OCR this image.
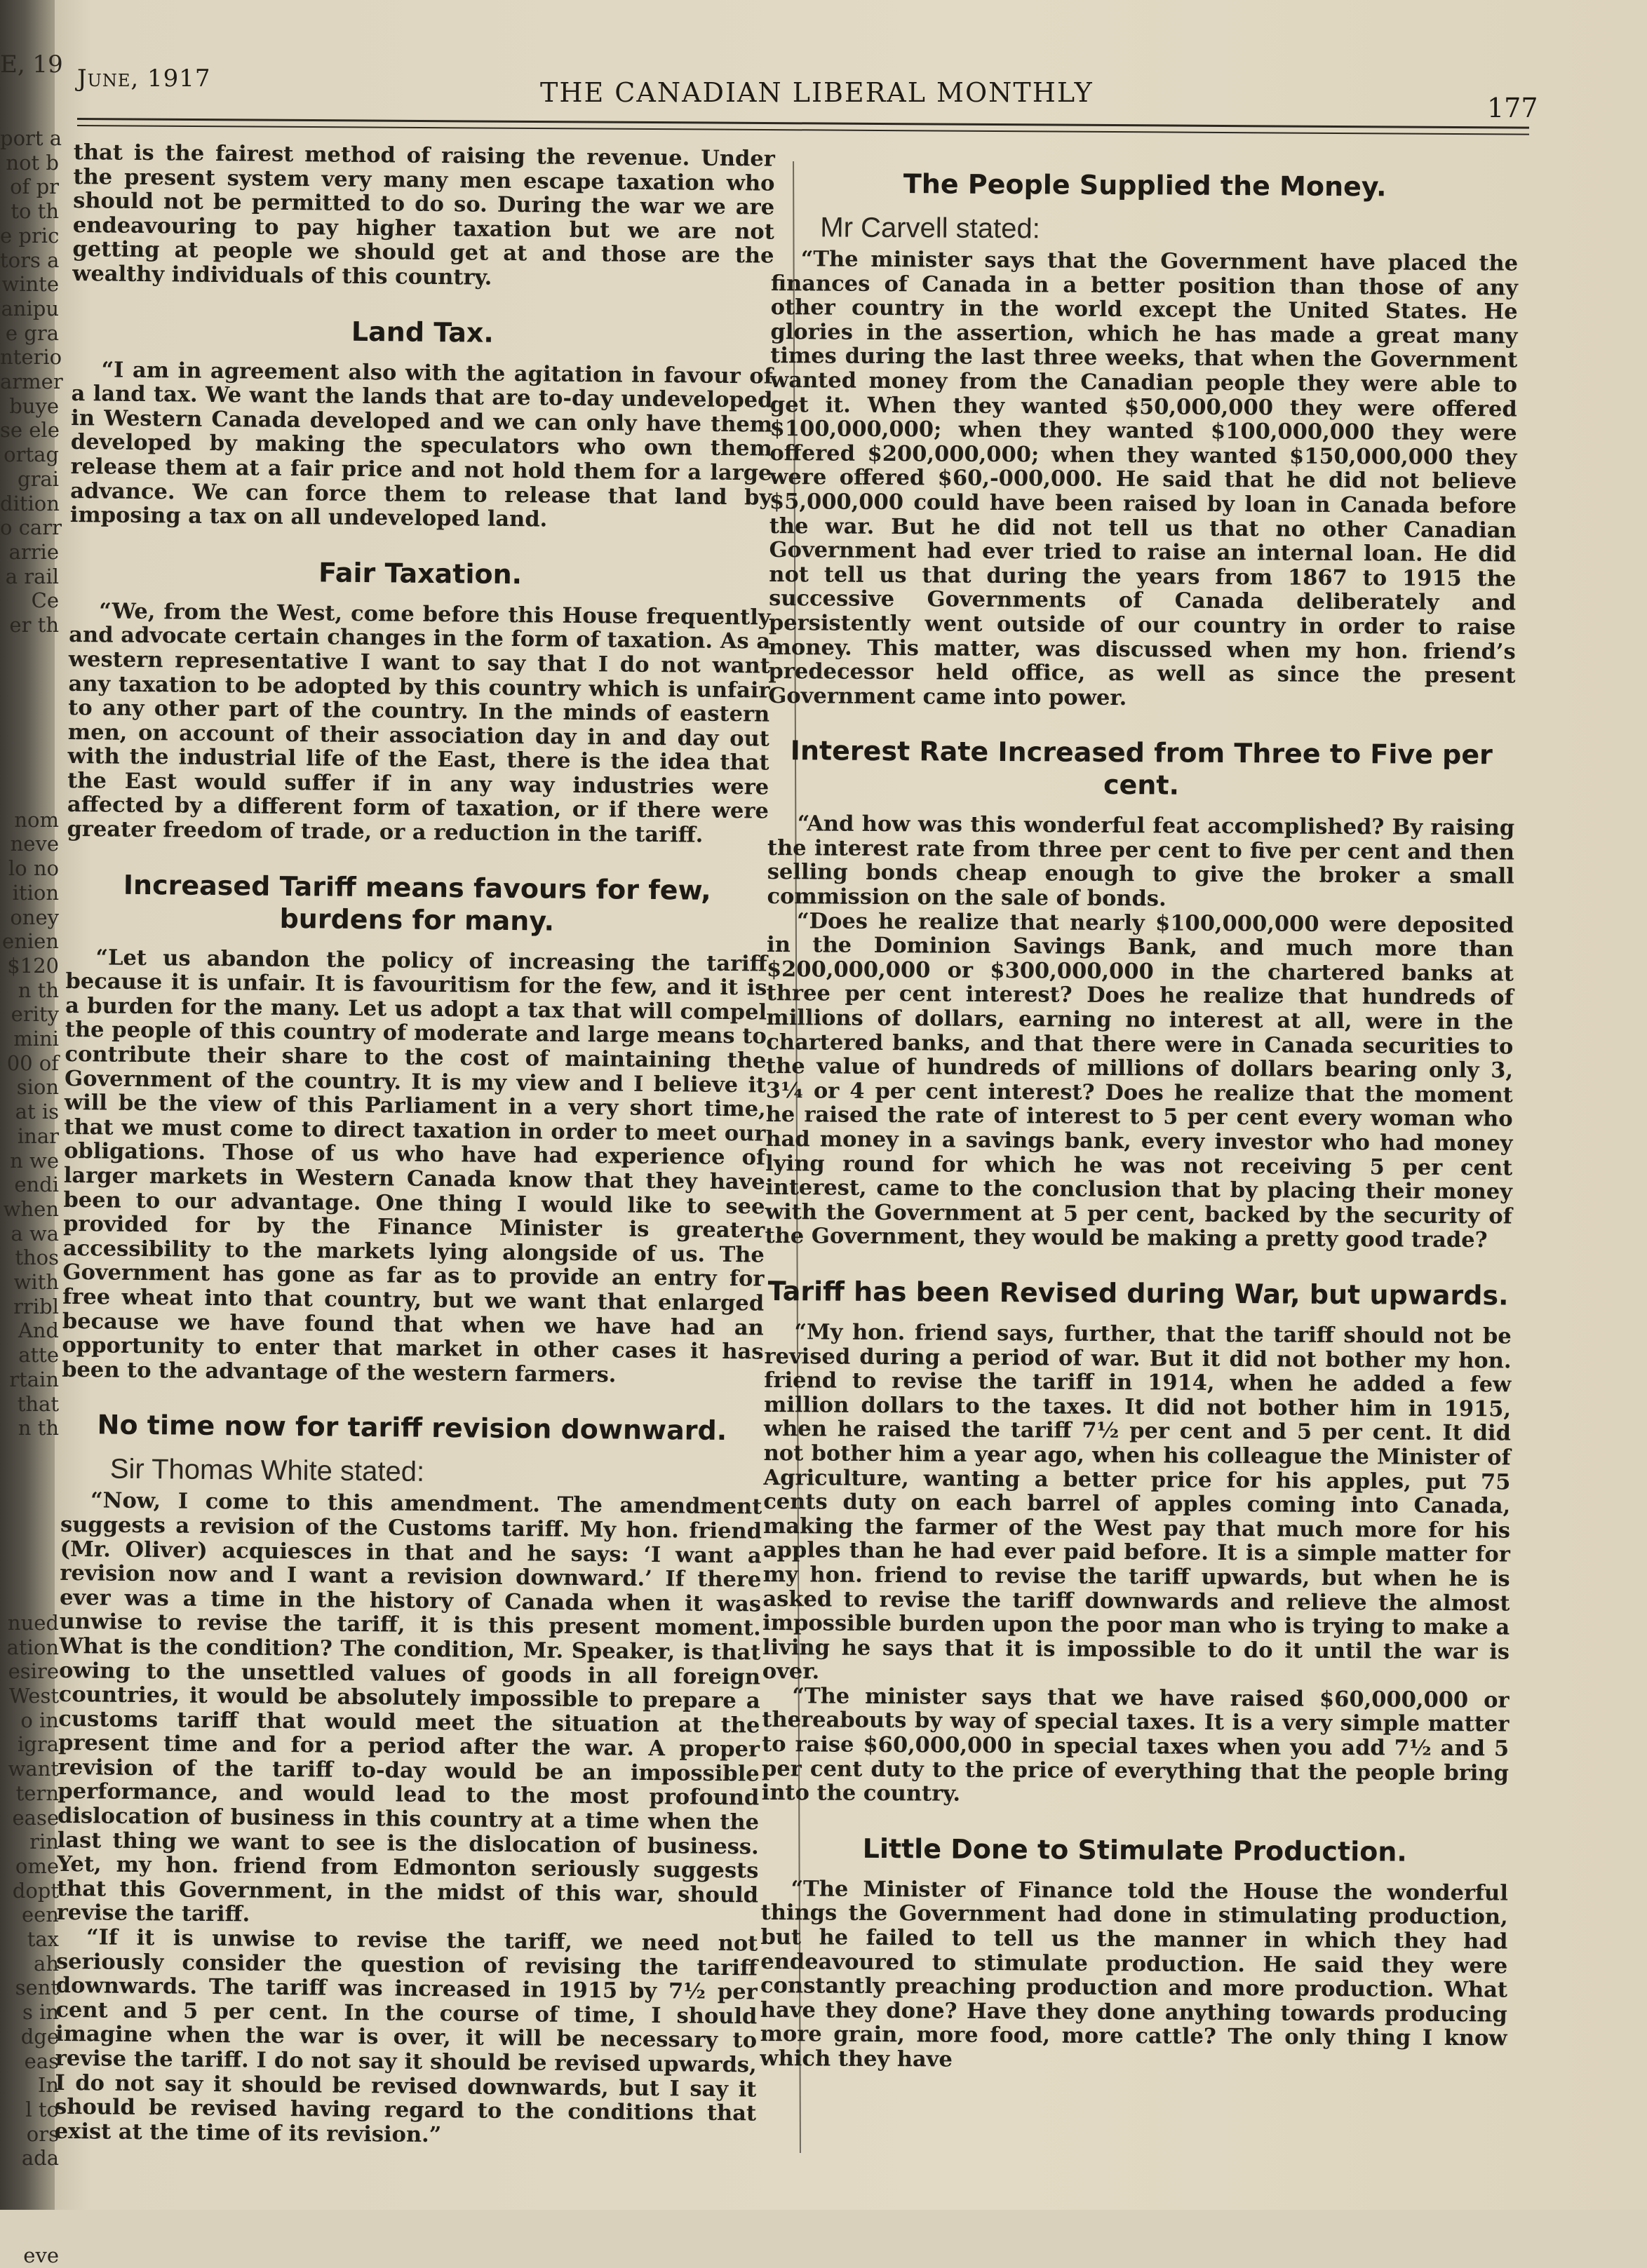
port a
not b
of pr
to th
e pric
tors a
winte
anipu
e gra
nterio
armer
buye
se ele
ortag
grai
dition
o carr
arrie
a rail
Ce
er th

nom
neve
lo no
ition
oney
enien
$120
n th
erity
mini
00 of
sion
at is
inar
n we
endi
when
a wa
thos
with
rribl
And
atte
rtain
that
n th

nued
ation
esire
West
o in
igra
want
tern
ease
rin
ome
dopt
een
tax
ah
sent
s in
dge
eas
In
l to
ors
ada

eve
E, 19 June, 1917	THE CANADIAN LIBERAL MONTHLY	177

that is the fairest method of raising the revenue. Under the present system very many men escape taxation who should not be permitted to do so. During the war we are endeavouring to pay higher taxation but we are not getting at people we should get at and those are the wealthy individuals of this country.

Land Tax.

“I am in agreement also with the agitation in favour of a land tax. We want the lands that are to-day undeveloped in Western Canada developed and we can only have them developed by making the speculators who own them release them at a fair price and not hold them for a large advance. We can force them to release that land by imposing a tax on all undeveloped land.

Fair Taxation.

“We, from the West, come before this House frequently and advocate certain changes in the form of taxation. As a western representative I want to say that I do not want any taxation to be adopted by this country which is unfair to any other part of the country. In the minds of eastern men, on account of their association day in and day out with the industrial life of the East, there is the idea that the East would suffer if in any way industries were affected by a different form of taxation, or if there were greater freedom of trade, or a reduction in the tariff.

Increased Tariff means favours for few, burdens for many.

“Let us abandon the policy of increasing the tariff because it is unfair. It is favouritism for the few, and it is a burden for the many. Let us adopt a tax that will compel the people of this country of moderate and large means to contribute their share to the cost of maintaining the Government of the country. It is my view and I believe it will be the view of this Parliament in a very short time, that we must come to direct taxation in order to meet our obligations. Those of us who have had experience of larger markets in Western Canada know that they have been to our advantage. One thing I would like to see provided for by the Finance Minister is greater accessibility to the markets lying alongside of us. The Government has gone as far as to provide an entry for free wheat into that country, but we want that enlarged because we have found that when we have had an opportunity to enter that market in other cases it has been to the advantage of the western farmers.

No time now for tariff revision downward.
Sir Thomas White stated:

“Now, I come to this amendment. The amendment suggests a revision of the Customs tariff. My hon. friend (Mr. Oliver) acquiesces in that and he says: ‘I want a revision now and I want a revision downward.’ If there ever was a time in the history of Canada when it was unwise to revise the tariff, it is this present moment. What is the condition? The condition, Mr. Speaker, is that owing to the unsettled values of goods in all foreign countries, it would be absolutely impossible to prepare a customs tariff that would meet the situation at the present time and for a period after the war. A proper revision of the tariff to-day would be an impossible performance, and would lead to the most profound dislocation of business in this country at a time when the last thing we want to see is the dislocation of business. Yet, my hon. friend from Edmonton seriously suggests that this Government, in the midst of this war, should revise the tariff.

“If it is unwise to revise the tariff, we need not seriously consider the question of revising the tariff downwards. The tariff was increased in 1915 by 7½ per cent and 5 per cent. In the course of time, I should imagine when the war is over, it will be necessary to revise the tariff. I do not say it should be revised upwards, I do not say it should be revised downwards, but I say it should be revised having regard to the conditions that exist at the time of its revision.”

The People Supplied the Money.
Mr Carvell stated:

“The minister says that the Government have placed the finances of Canada in a better position than those of any other country in the world except the United States. He glories in the assertion, which he has made a great many times during the last three weeks, that when the Government wanted money from the Canadian people they were able to get it. When they wanted $50,000,000 they were offered $100,000,000; when they wanted $100,000,000 they were offered $200,000,000; when they wanted $150,000,000 they were offered $60,-000,000. He said that he did not believe $5,000,000 could have been raised by loan in Canada before the war. But he did not tell us that no other Canadian Government had ever tried to raise an internal loan. He did not tell us that during the years from 1867 to 1915 the successive Governments of Canada deliberately and persistently went outside of our country in order to raise money. This matter, was discussed when my hon. friend’s predecessor held office, as well as since the present Government came into power.

Interest Rate Increased from Three to Five per cent.

“And how was this wonderful feat accomplished? By raising the interest rate from three per cent to five per cent and then selling bonds cheap enough to give the broker a small commission on the sale of bonds.

“Does he realize that nearly $100,000,000 were deposited in the Dominion Savings Bank, and much more than $200,000,000 or $300,000,000 in the chartered banks at three per cent interest? Does he realize that hundreds of millions of dollars, earning no interest at all, were in the chartered banks, and that there were in Canada securities to the value of hundreds of millions of dollars bearing only 3, 3¼ or 4 per cent interest? Does he realize that the moment he raised the rate of interest to 5 per cent every woman who had money in a savings bank, every investor who had money lying round for which he was not receiving 5 per cent interest, came to the conclusion that by placing their money with the Government at 5 per cent, backed by the security of the Government, they would be making a pretty good trade?

Tariff has been Revised during War, but upwards.

“My hon. friend says, further, that the tariff should not be revised during a period of war. But it did not bother my hon. friend to revise the tariff in 1914, when he added a few million dollars to the taxes. It did not bother him in 1915, when he raised the tariff 7½ per cent and 5 per cent. It did not bother him a year ago, when his colleague the Minister of Agriculture, wanting a better price for his apples, put 75 cents duty on each barrel of apples coming into Canada, making the farmer of the West pay that much more for his apples than he had ever paid before. It is a simple matter for my hon. friend to revise the tariff upwards, but when he is asked to revise the tariff downwards and relieve the almost impossible burden upon the poor man who is trying to make a living he says that it is impossible to do it until the war is over.

“The minister says that we have raised $60,000,000 or thereabouts by way of special taxes. It is a very simple matter to raise $60,000,000 in special taxes when you add 7½ and 5 per cent duty to the price of everything that the people bring into the country.

Little Done to Stimulate Production.

“The Minister of Finance told the House the wonderful things the Government had done in stimulating production, but he failed to tell us the manner in which they had endeavoured to stimulate production. He said they were constantly preaching production and more production. What have they done? Have they done anything towards producing more grain, more food, more cattle? The only thing I know which they have
